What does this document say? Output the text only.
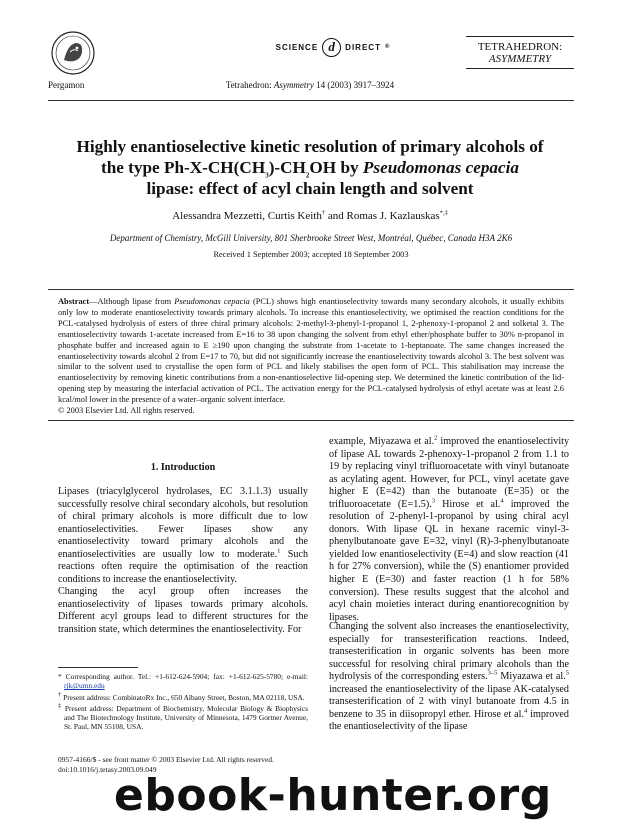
Pergamon
SCIENCE d	DIRECT ®
Tetrahedron: Asymmetry 14 (2003) 3917–3924
TETRAHEDRON:
ASYMMETRY
Highly enantioselective kinetic resolution of primary alcohols of
the type $Ph-X-CH(CH_3)-CH_2OH$ by Pseudomonas cepacia
lipase: effect of acyl chain length and solvent
Alessandra Mezzetti, Curtis Keith† and Romas J. Kazlauskas*,‡
Department of Chemistry, McGill University, 801 Sherbrooke Street West, Montréal, Québec, Canada H3A 2K6
Received 1 September 2003; accepted 18 September 2003
Abstract—Although lipase from Pseudomonas cepacia (PCL) shows high enantioselectivity towards many secondary alcohols, it usually exhibits only low to moderate enantioselectivity towards primary alcohols. To increase this enantioselectivity, we optimised the reaction conditions for the PCL-catalysed hydrolysis of esters of three chiral primary alcohols: 2-methyl-3-phenyl-1-propanol 1, 2-phenoxy-1-propanol 2 and solketal 3. The enantioselectivity towards 1-acetate increased from E=16 to 38 upon changing the solvent from ethyl ether/phosphate buffer to 30% n-propanol in phosphate buffer and increased again to E ≥190 upon changing the substrate from 1-acetate to 1-heptanoate. The same changes increased the enantioselectivity towards alcohol 2 from E=17 to 70, but did not significantly increase the enantioselectivity towards alcohol 3. The best solvent was similar to the solvent used to crystallise the open form of PCL and likely stabilises the open form of PCL. This stabilisation may increase the enantioselectivity by removing kinetic contributions from a non-enantioselective lid-opening step. We determined the kinetic contribution of the lid-opening step by measuring the interfacial activation of PCL. The activation energy for the PCL-catalysed hydrolysis of ethyl acetate was at least 2.6 kcal/mol lower in the presence of a water–organic solvent interface.
© 2003 Elsevier Ltd. All rights reserved.
1. Introduction
Lipases (triacylglycerol hydrolases, EC 3.1.1.3) usually successfully resolve chiral secondary alcohols, but resolution of chiral primary alcohols is more difficult due to low enantioselectivities. Fewer lipases show any enantioselectivity toward primary alcohols and the enantioselectivities are usually low to moderate.$^1$ Such reactions often require the optimisation of the reaction conditions to increase the enantioselectivity.
Changing the acyl group often increases the enantioselectivity of lipases towards primary alcohols. Different acyl groups lead to different structures for the transition state, which determines the enantioselectivity. For
* Corresponding author. Tel.: +1-612-624-5904; fax: +1-612-625-5780; e-mail: rjk@umn.edu
† Present address: CombinatoRx Inc., 650 Albany Street, Boston, MA 02118, USA.
‡ Present address: Department of Biochemistry, Molecular Biology & Biophysics and The Biotechnology Institute, University of Minnesota, 1479 Gortner Avenue, St. Paul, MN 55108, USA.
0957-4166/$ - see front matter © 2003 Elsevier Ltd. All rights reserved.
doi:10.1016/j.tetasy.2003.09.049
example, Miyazawa et al.$^2$ improved the enantioselectivity of lipase AL towards 2-phenoxy-1-propanol 2 from 1.1 to 19 by replacing vinyl trifluoroacetate with vinyl butanoate as acylating agent. However, for PCL, vinyl acetate gave higher E (E=42) than the butanoate (E=35) or the trifluoroacetate (E=1.5).$^3$ Hirose et al.$^4$ improved the resolution of 2-phenyl-1-propanol by using chiral acyl donors. With lipase QL in hexane racemic vinyl-3-phenylbutanoate gave E=32, vinyl (R)-3-phenylbutanoate yielded low enantioselectivity (E=4) and slow reaction (41 h for 27% conversion), while the (S) enantiomer provided higher E (E=30) and faster reaction (1 h for 58% conversion). These results suggest that the alcohol and acyl chain moieties interact during enantiorecognition by lipases.
Changing the solvent also increases the enantioselectivity, especially for transesterification reactions. Indeed, transesterification in organic solvents has been more successful for resolving chiral primary alcohols than the hydrolysis of the corresponding esters.$^{3-5}$ Miyazawa et al.$^5$ increased the enantioselectivity of the lipase AK-catalysed transesterification of 2 with vinyl butanoate from 4.5 in benzene to 35 in diisopropyl ether. Hirose et al.$^4$ improved the enantioselectivity of the lipase
ebook-hunter.org
